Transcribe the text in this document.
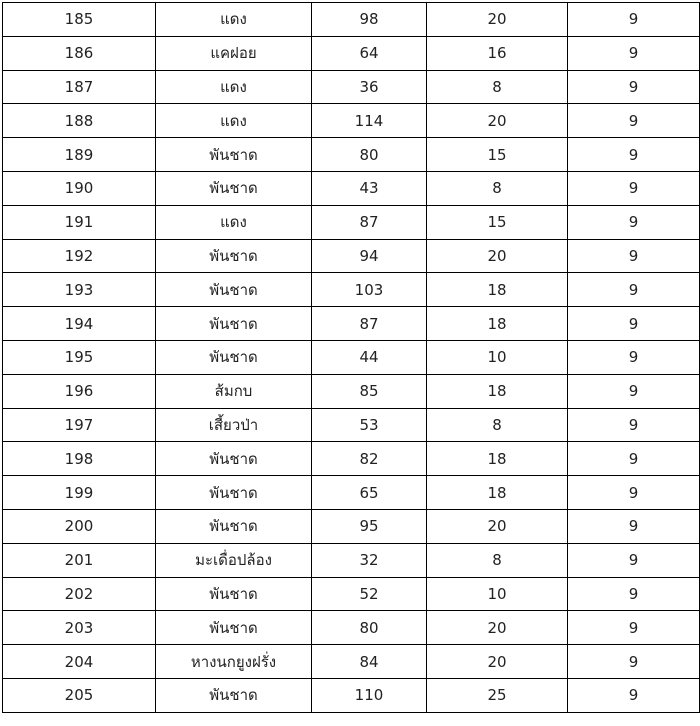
185	แดง	98	20	9
186	แคฝอย	64	16	9
187	แดง	36	8	9
188	แดง	114	20	9
189	พันชาด	80	15	9
190	พันชาด	43	8	9
191	แดง	87	15	9
192	พันชาด	94	20	9
193	พันชาด	103	18	9
194	พันชาด	87	18	9
195	พันชาด	44	10	9
196	ส้มกบ	85	18	9
197	เสี้ยวป่า	53	8	9
198	พันชาด	82	18	9
199	พันชาด	65	18	9
200	พันชาด	95	20	9
201	มะเดื่อปล้อง	32	8	9
202	พันชาด	52	10	9
203	พันชาด	80	20	9
204	หางนกยูงฝรั่ง	84	20	9
205	พันชาด	110	25	9
